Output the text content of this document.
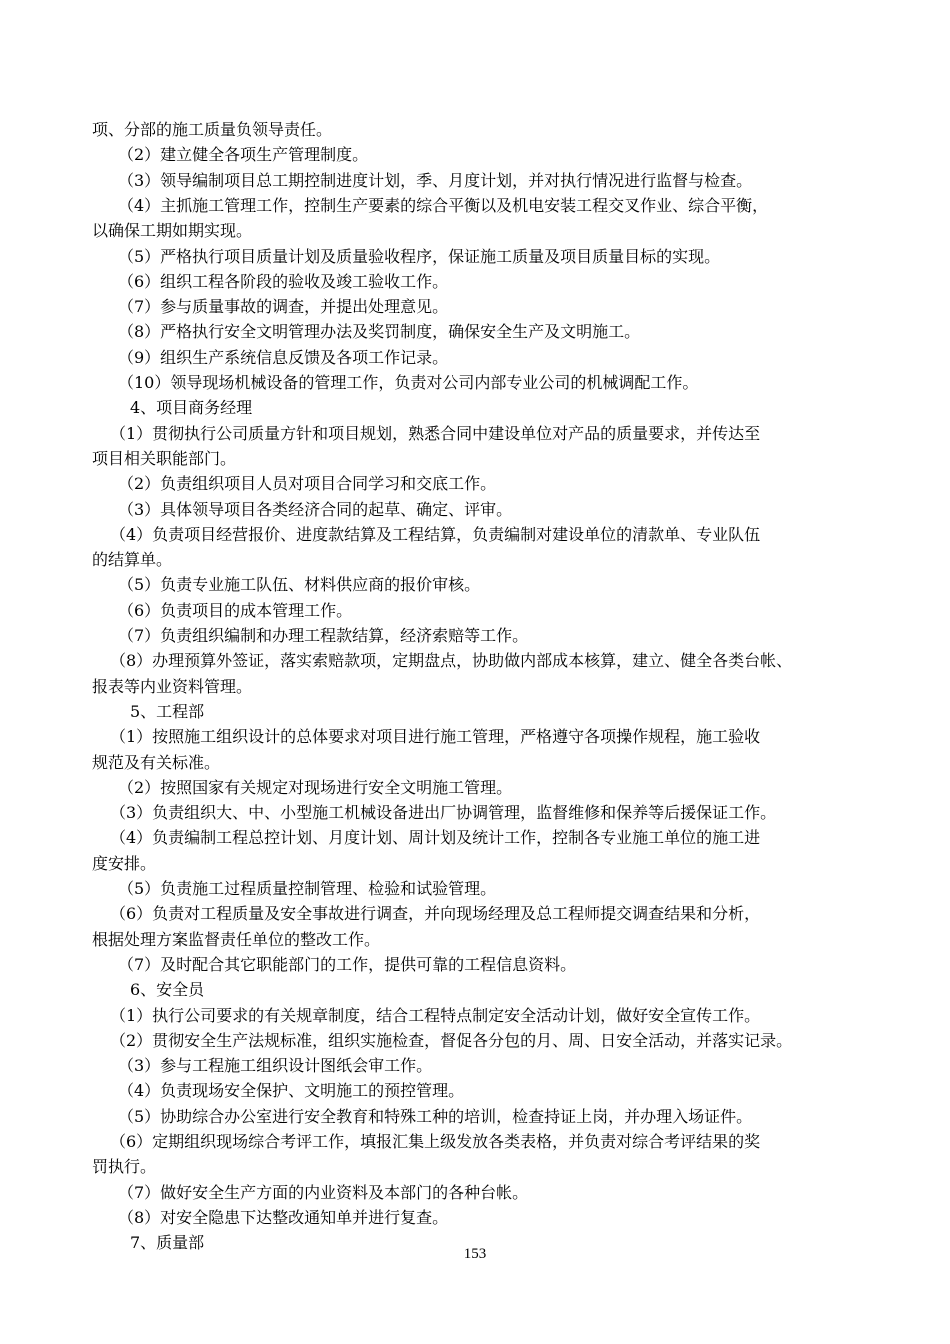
项、分部的施工质量负领导责任。
（2）建立健全各项生产管理制度。
（3）领导编制项目总工期控制进度计划，季、月度计划，并对执行情况进行监督与检查。
（4）主抓施工管理工作，控制生产要素的综合平衡以及机电安装工程交叉作业、综合平衡，
以确保工期如期实现。
（5）严格执行项目质量计划及质量验收程序，保证施工质量及项目质量目标的实现。
（6）组织工程各阶段的验收及竣工验收工作。
（7）参与质量事故的调查，并提出处理意见。
（8）严格执行安全文明管理办法及奖罚制度，确保安全生产及文明施工。
（9）组织生产系统信息反馈及各项工作记录。
（10）领导现场机械设备的管理工作，负责对公司内部专业公司的机械调配工作。
4、项目商务经理
（1）贯彻执行公司质量方针和项目规划，熟悉合同中建设单位对产品的质量要求，并传达至
项目相关职能部门。
（2）负责组织项目人员对项目合同学习和交底工作。
（3）具体领导项目各类经济合同的起草、确定、评审。
（4）负责项目经营报价、进度款结算及工程结算，负责编制对建设单位的清款单、专业队伍
的结算单。
（5）负责专业施工队伍、材料供应商的报价审核。
（6）负责项目的成本管理工作。
（7）负责组织编制和办理工程款结算，经济索赔等工作。
（8）办理预算外签证，落实索赔款项，定期盘点，协助做内部成本核算，建立、健全各类台帐、
报表等内业资料管理。
5、工程部
（1）按照施工组织设计的总体要求对项目进行施工管理，严格遵守各项操作规程，施工验收
规范及有关标准。
（2）按照国家有关规定对现场进行安全文明施工管理。
（3）负责组织大、中、小型施工机械设备进出厂协调管理，监督维修和保养等后援保证工作。
（4）负责编制工程总控计划、月度计划、周计划及统计工作，控制各专业施工单位的施工进
度安排。
（5）负责施工过程质量控制管理、检验和试验管理。
（6）负责对工程质量及安全事故进行调查，并向现场经理及总工程师提交调查结果和分析，
根据处理方案监督责任单位的整改工作。
（7）及时配合其它职能部门的工作，提供可靠的工程信息资料。
6、安全员
（1）执行公司要求的有关规章制度，结合工程特点制定安全活动计划，做好安全宣传工作。
（2）贯彻安全生产法规标准，组织实施检查，督促各分包的月、周、日安全活动，并落实记录。
（3）参与工程施工组织设计图纸会审工作。
（4）负责现场安全保护、文明施工的预控管理。
（5）协助综合办公室进行安全教育和特殊工种的培训，检查持证上岗，并办理入场证件。
（6）定期组织现场综合考评工作，填报汇集上级发放各类表格，并负责对综合考评结果的奖
罚执行。
（7）做好安全生产方面的内业资料及本部门的各种台帐。
（8）对安全隐患下达整改通知单并进行复查。
7、质量部
153
